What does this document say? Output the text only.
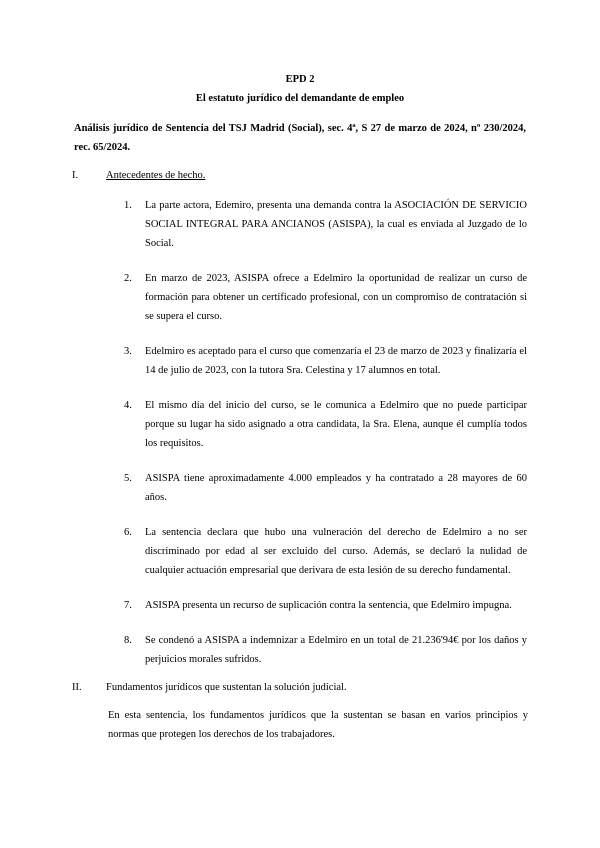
EPD 2
El estatuto jurídico del demandante de empleo
Análisis jurídico de Sentencia del TSJ Madrid (Social), sec. 4ª, S 27 de marzo de 2024, nº 230/2024, rec. 65/2024.
I.	Antecedentes de hecho.
1. La parte actora, Edemiro, presenta una demanda contra la ASOCIACIÓN DE SERVICIO SOCIAL INTEGRAL PARA ANCIANOS (ASISPA), la cual es enviada al Juzgado de lo Social.
2. En marzo de 2023, ASISPA ofrece a Edelmiro la oportunidad de realizar un curso de formación para obtener un certificado profesional, con un compromiso de contratación si se supera el curso.
3. Edelmiro es aceptado para el curso que comenzaría el 23 de marzo de 2023 y finalizaría el 14 de julio de 2023, con la tutora Sra. Celestina y 17 alumnos en total.
4. El mismo día del inicio del curso, se le comunica a Edelmiro que no puede participar porque su lugar ha sido asignado a otra candidata, la Sra. Elena, aunque él cumplía todos los requisitos.
5. ASISPA tiene aproximadamente 4.000 empleados y ha contratado a 28 mayores de 60 años.
6. La sentencia declara que hubo una vulneración del derecho de Edelmiro a no ser discriminado por edad al ser excluido del curso. Además, se declaró la nulidad de cualquier actuación empresarial que derivara de esta lesión de su derecho fundamental.
7. ASISPA presenta un recurso de suplicación contra la sentencia, que Edelmiro impugna.
8. Se condenó a ASISPA a indemnizar a Edelmiro en un total de 21.236'94€ por los daños y perjuicios morales sufridos.
II.	Fundamentos jurídicos que sustentan la solución judicial.
En esta sentencia, los fundamentos jurídicos que la sustentan se basan en varios principios y normas que protegen los derechos de los trabajadores.
